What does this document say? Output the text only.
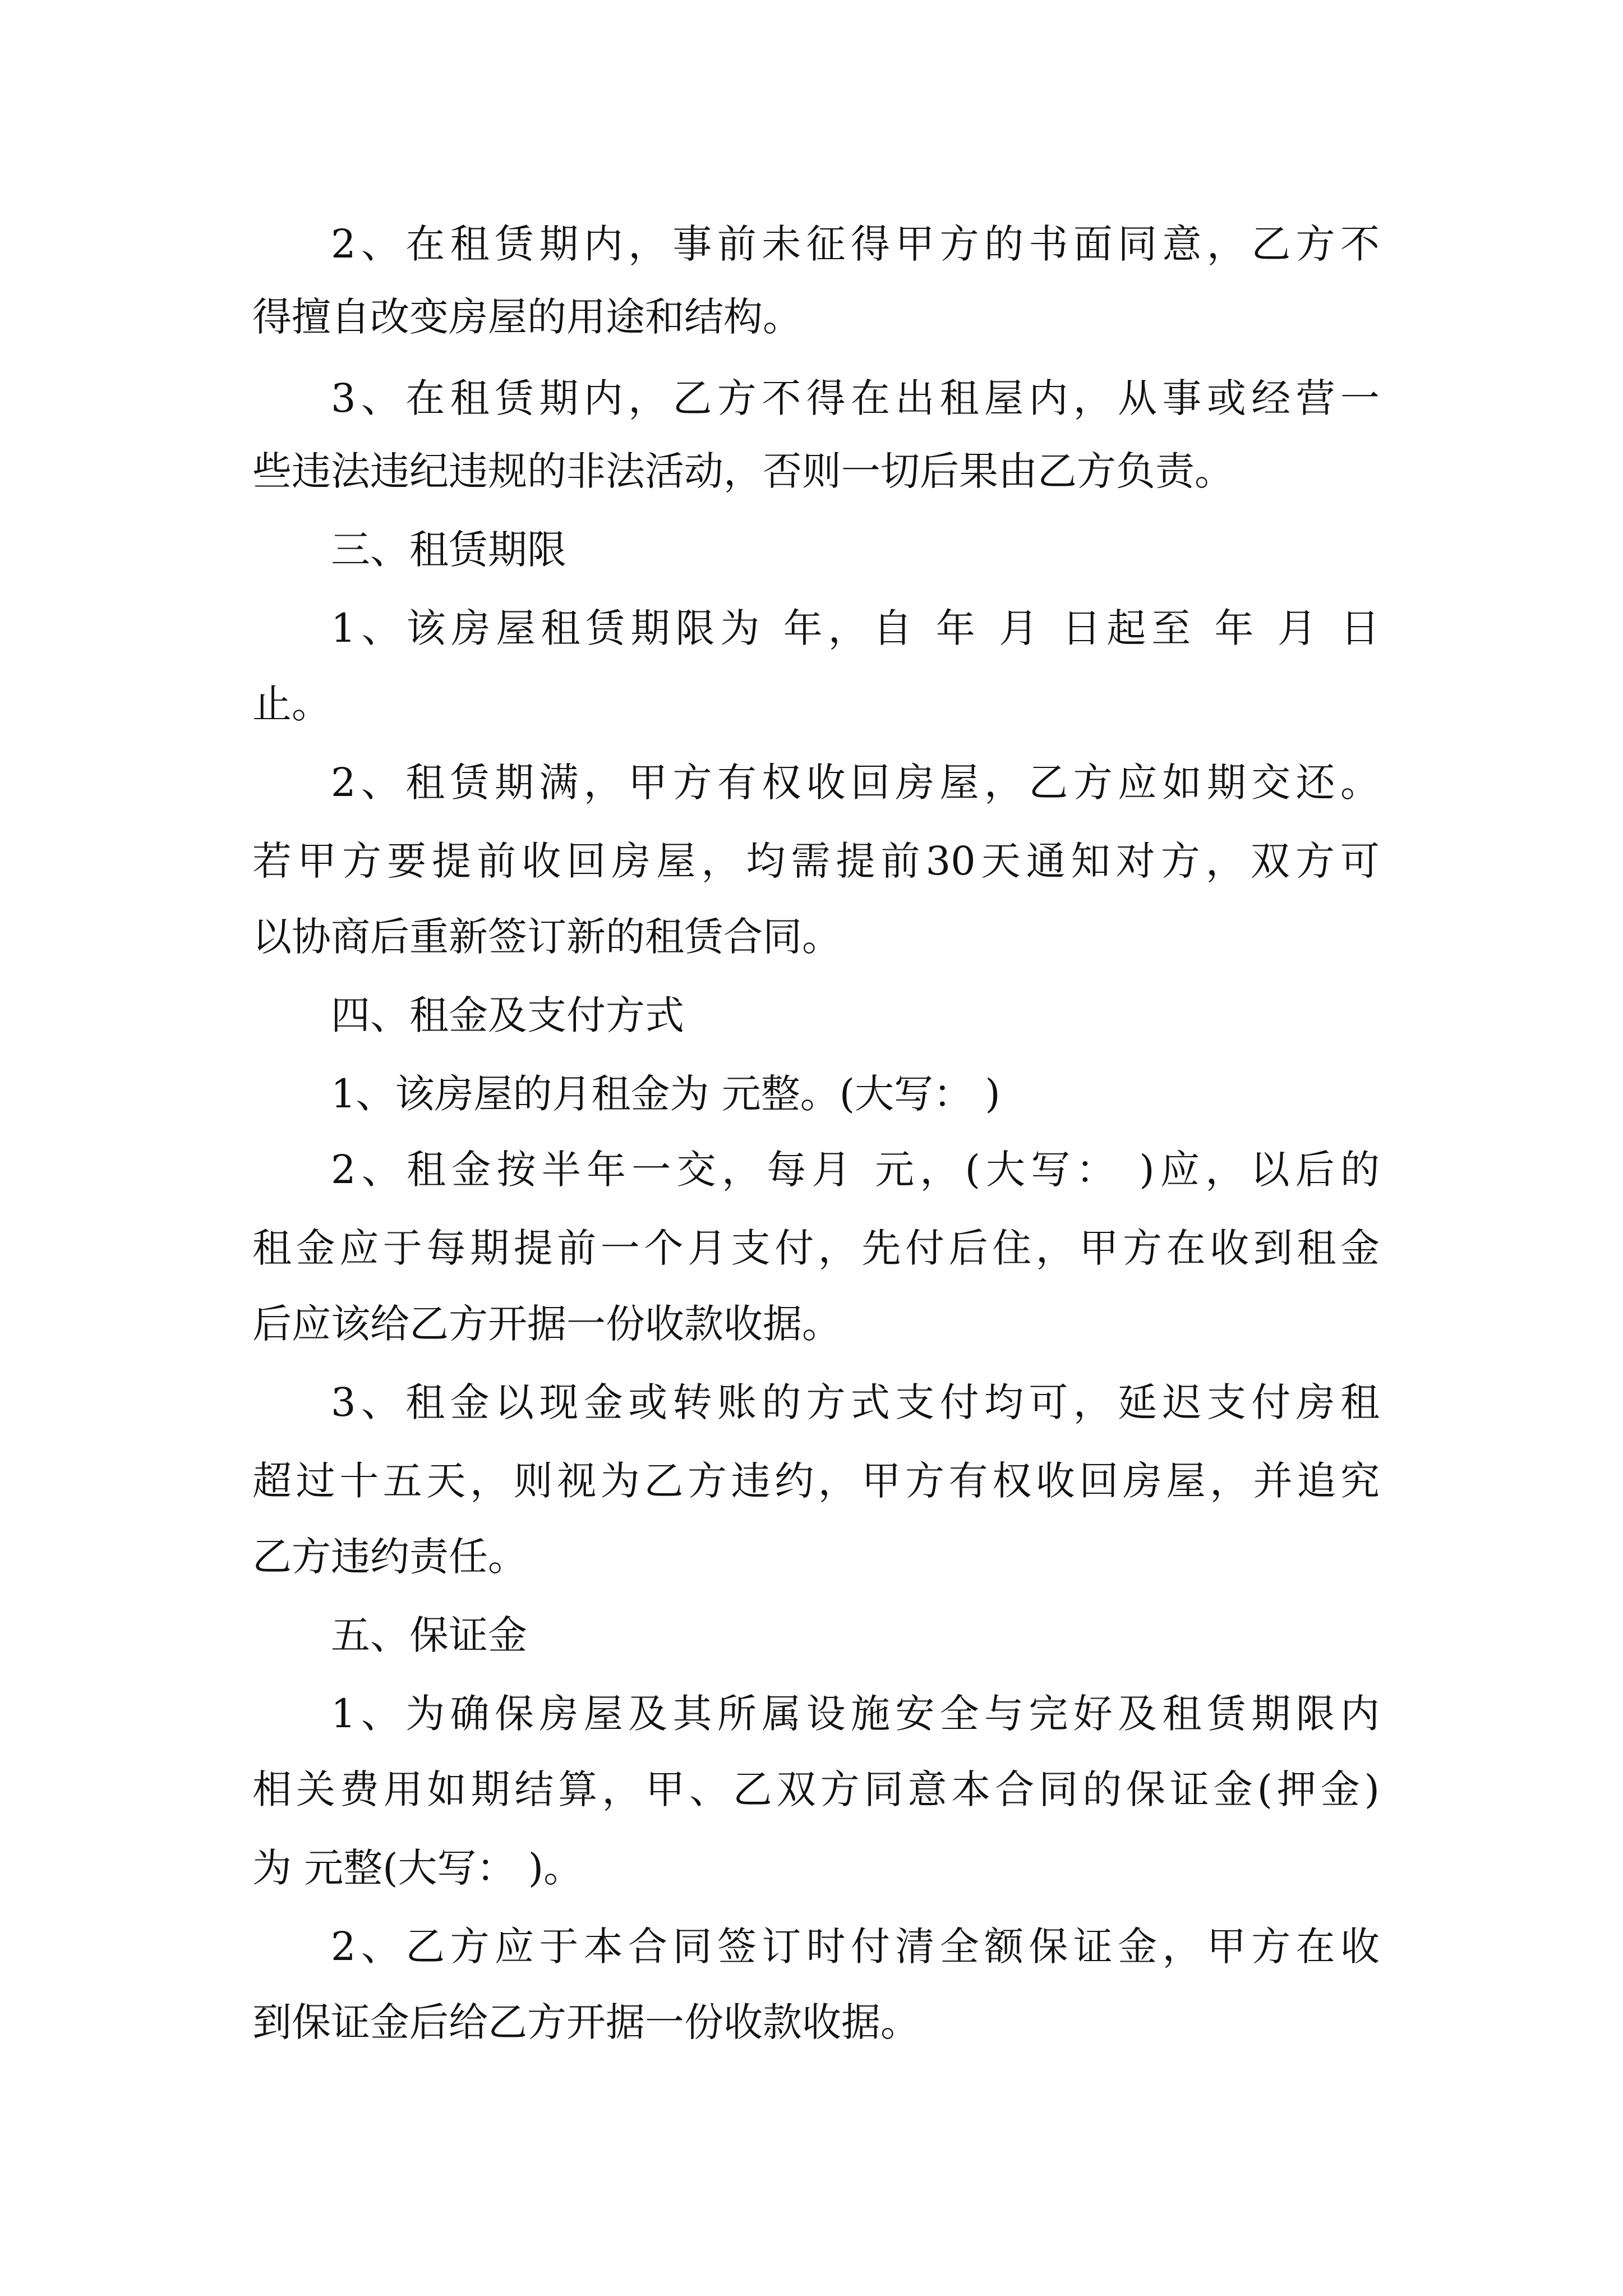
2、在租赁期内，事前未征得甲方的书面同意，乙方不
得擅自改变房屋的用途和结构。
3、在租赁期内，乙方不得在出租屋内，从事或经营一
些违法违纪违规的非法活动，否则一切后果由乙方负责。
三、租赁期限
1、该房屋租赁期限为 年，自 年 月 日起至 年 月 日
止。
2、租赁期满，甲方有权收回房屋，乙方应如期交还。
若甲方要提前收回房屋，均需提前30天通知对方，双方可
以协商后重新签订新的租赁合同。
四、租金及支付方式
1、该房屋的月租金为 元整。(大写： )
2、租金按半年一交，每月 元，(大写： )应，以后的
租金应于每期提前一个月支付，先付后住，甲方在收到租金
后应该给乙方开据一份收款收据。
3、租金以现金或转账的方式支付均可，延迟支付房租
超过十五天，则视为乙方违约，甲方有权收回房屋，并追究
乙方违约责任。
五、保证金
1、为确保房屋及其所属设施安全与完好及租赁期限内
相关费用如期结算，甲、乙双方同意本合同的保证金(押金)
为 元整(大写： )。
2、乙方应于本合同签订时付清全额保证金，甲方在收
到保证金后给乙方开据一份收款收据。
